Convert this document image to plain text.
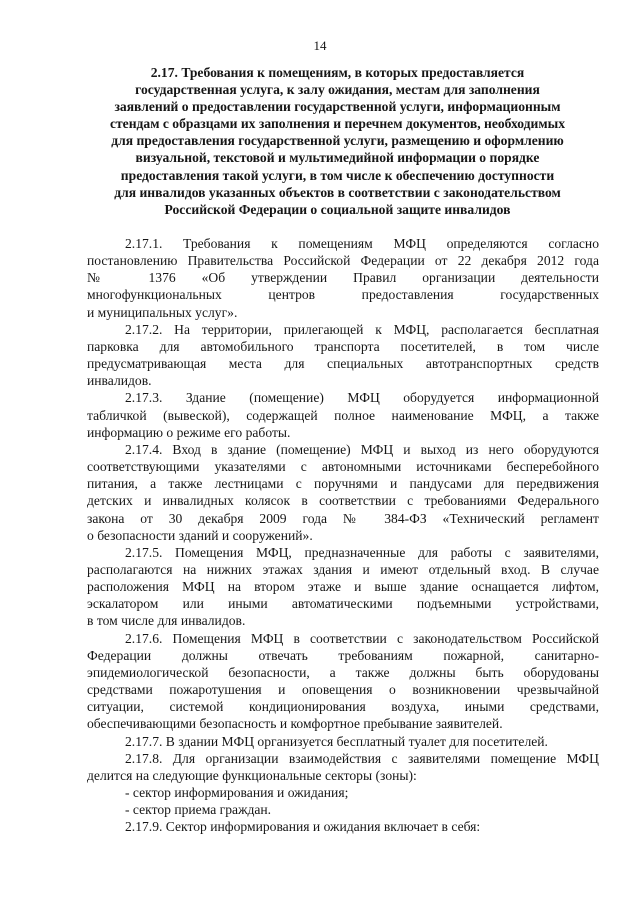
14
2.17. Требования к помещениям, в которых предоставляется
государственная услуга, к залу ожидания, местам для заполнения
заявлений о предоставлении государственной услуги, информационным
стендам с образцами их заполнения и перечнем документов, необходимых
для предоставления государственной услуги, размещению и оформлению
визуальной, текстовой и мультимедийной информации о порядке
предоставления такой услуги, в том числе к обеспечению доступности
для инвалидов указанных объектов в соответствии с законодательством
Российской Федерации о социальной защите инвалидов

2.17.1. Требования к помещениям МФЦ определяются согласно
постановлению Правительства Российской Федерации от 22 декабря 2012 года
№ 1376 «Об утверждении Правил организации деятельности
многофункциональных центров предоставления государственных
и муниципальных услуг».

2.17.2. На территории, прилегающей к МФЦ, располагается бесплатная
парковка для автомобильного транспорта посетителей, в том числе
предусматривающая места для специальных автотранспортных средств
инвалидов.

2.17.3. Здание (помещение) МФЦ оборудуется информационной
табличкой (вывеской), содержащей полное наименование МФЦ, а также
информацию о режиме его работы.

2.17.4. Вход в здание (помещение) МФЦ и выход из него оборудуются
соответствующими указателями с автономными источниками бесперебойного
питания, а также лестницами с поручнями и пандусами для передвижения
детских и инвалидных колясок в соответствии с требованиями Федерального
закона от 30 декабря 2009 года № 384-ФЗ «Технический регламент
о безопасности зданий и сооружений».

2.17.5. Помещения МФЦ, предназначенные для работы с заявителями,
располагаются на нижних этажах здания и имеют отдельный вход. В случае
расположения МФЦ на втором этаже и выше здание оснащается лифтом,
эскалатором или иными автоматическими подъемными устройствами,
в том числе для инвалидов.

2.17.6. Помещения МФЦ в соответствии с законодательством Российской
Федерации должны отвечать требованиям пожарной, санитарно-
эпидемиологической безопасности, а также должны быть оборудованы
средствами пожаротушения и оповещения о возникновении чрезвычайной
ситуации, системой кондиционирования воздуха, иными средствами,
обеспечивающими безопасность и комфортное пребывание заявителей.

2.17.7. В здании МФЦ организуется бесплатный туалет для посетителей.

2.17.8. Для организации взаимодействия с заявителями помещение МФЦ
делится на следующие функциональные секторы (зоны):

- сектор информирования и ожидания;

- сектор приема граждан.

2.17.9. Сектор информирования и ожидания включает в себя:
